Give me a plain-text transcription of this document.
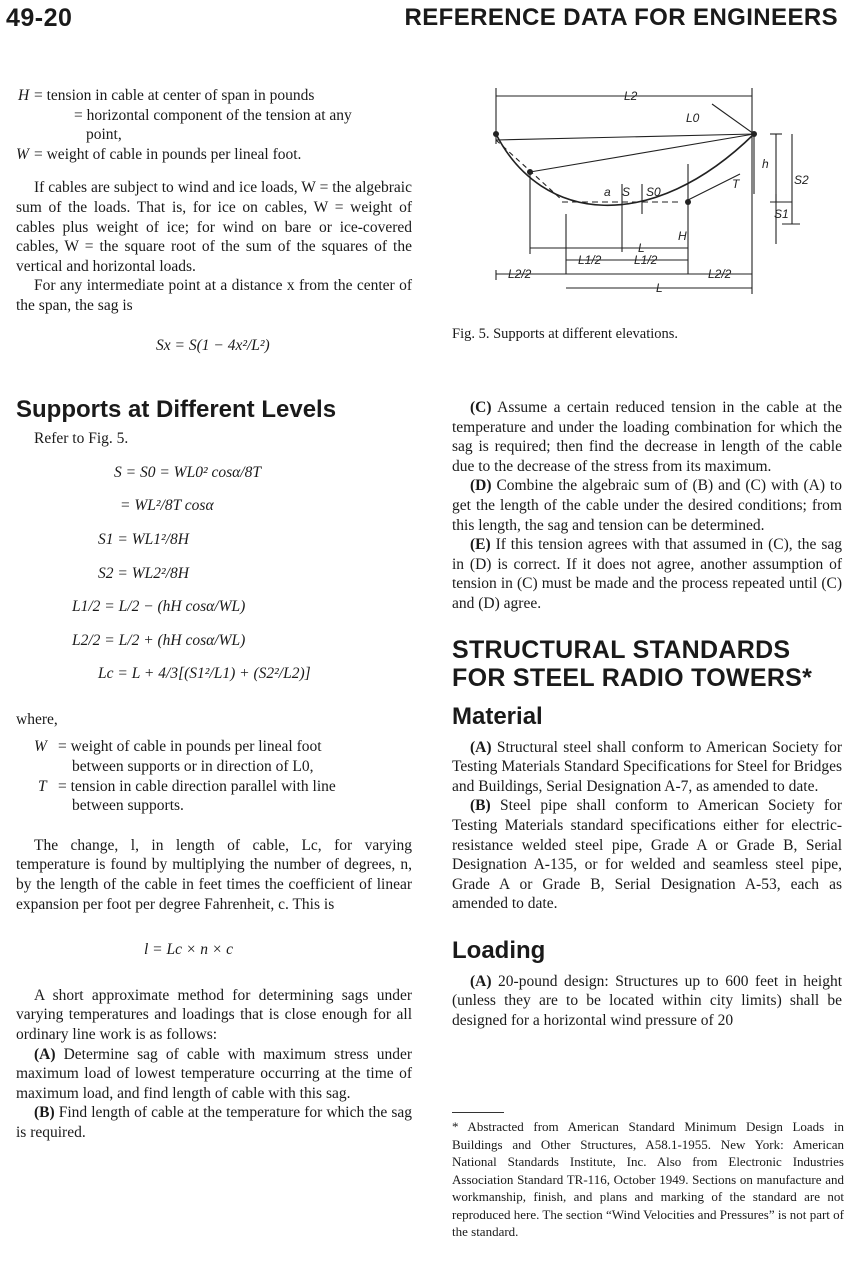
49-20	REFERENCE DATA FOR ENGINEERS
H = tension in cable at center of span in pounds
= horizontal component of the tension at any
point,
W = weight of cable in pounds per lineal foot.

If cables are subject to wind and ice loads, W = the algebraic sum of the loads. That is, for ice on cables, W = weight of cables plus weight of ice; for wind on bare or ice-covered cables, W = the square root of the sum of the squares of the vertical and horizontal loads.

For any intermediate point at a distance x from the center of the span, the sag is

Sx = S(1 − 4x²/L²)

Supports at Different Levels

Refer to Fig. 5.

S = S0 = WL0² cosα/8T

= WL²/8T cosα

S1 = WL1²/8H

S2 = WL2²/8H

L1/2 = L/2 − (hH cosα/WL)

L2/2 = L/2 + (hH cosα/WL)

Lc = L + 4/3[(S1²/L1) + (S2²/L2)]

where,

W = weight of cable in pounds per lineal foot
between supports or in direction of L0,
T = tension in cable direction parallel with line
between supports.

The change, l, in length of cable, Lc, for varying temperature is found by multiplying the number of degrees, n, by the length of the cable in feet times the coefficient of linear expansion per foot per degree Fahrenheit, c. This is

l = Lc × n × c

A short approximate method for determining sags under varying temperatures and loadings that is close enough for all ordinary line work is as follows:

(A) Determine sag of cable with maximum stress under maximum load of lowest temperature occurring at the time of maximum load, and find length of cable with this sag.

(B) Find length of cable at the temperature for which the sag is required.

L2
L0
h
S2
S1
T
H
a S S0
L
L1/2	L1/2
L2/2	L2/2
L
Fig. 5. Supports at different elevations.

(C) Assume a certain reduced tension in the cable at the temperature and under the loading combination for which the sag is required; then find the decrease in length of the cable due to the decrease of the stress from its maximum.

(D) Combine the algebraic sum of (B) and (C) with (A) to get the length of the cable under the desired conditions; from this length, the sag and tension can be determined.

(E) If this tension agrees with that assumed in (C), the sag in (D) is correct. If it does not agree, another assumption of tension in (C) must be made and the process repeated until (C) and (D) agree.

STRUCTURAL STANDARDS
FOR STEEL RADIO TOWERS*
Material

(A) Structural steel shall conform to American Society for Testing Materials Standard Specifications for Steel for Bridges and Buildings, Serial Designation A-7, as amended to date.

(B) Steel pipe shall conform to American Society for Testing Materials standard specifications either for electric-resistance welded steel pipe, Grade A or Grade B, Serial Designation A-135, or for welded and seamless steel pipe, Grade A or Grade B, Serial Designation A-53, each as amended to date.

Loading

(A) 20-pound design: Structures up to 600 feet in height (unless they are to be located within city limits) shall be designed for a horizontal wind pressure of 20

* Abstracted from American Standard Minimum Design Loads in Buildings and Other Structures, A58.1-1955. New York: American National Standards Institute, Inc. Also from Electronic Industries Association Standard TR-116, October 1949. Sections on manufacture and workmanship, finish, and plans and marking of the standard are not reproduced here. The section “Wind Velocities and Pressures” is not part of the standard.
